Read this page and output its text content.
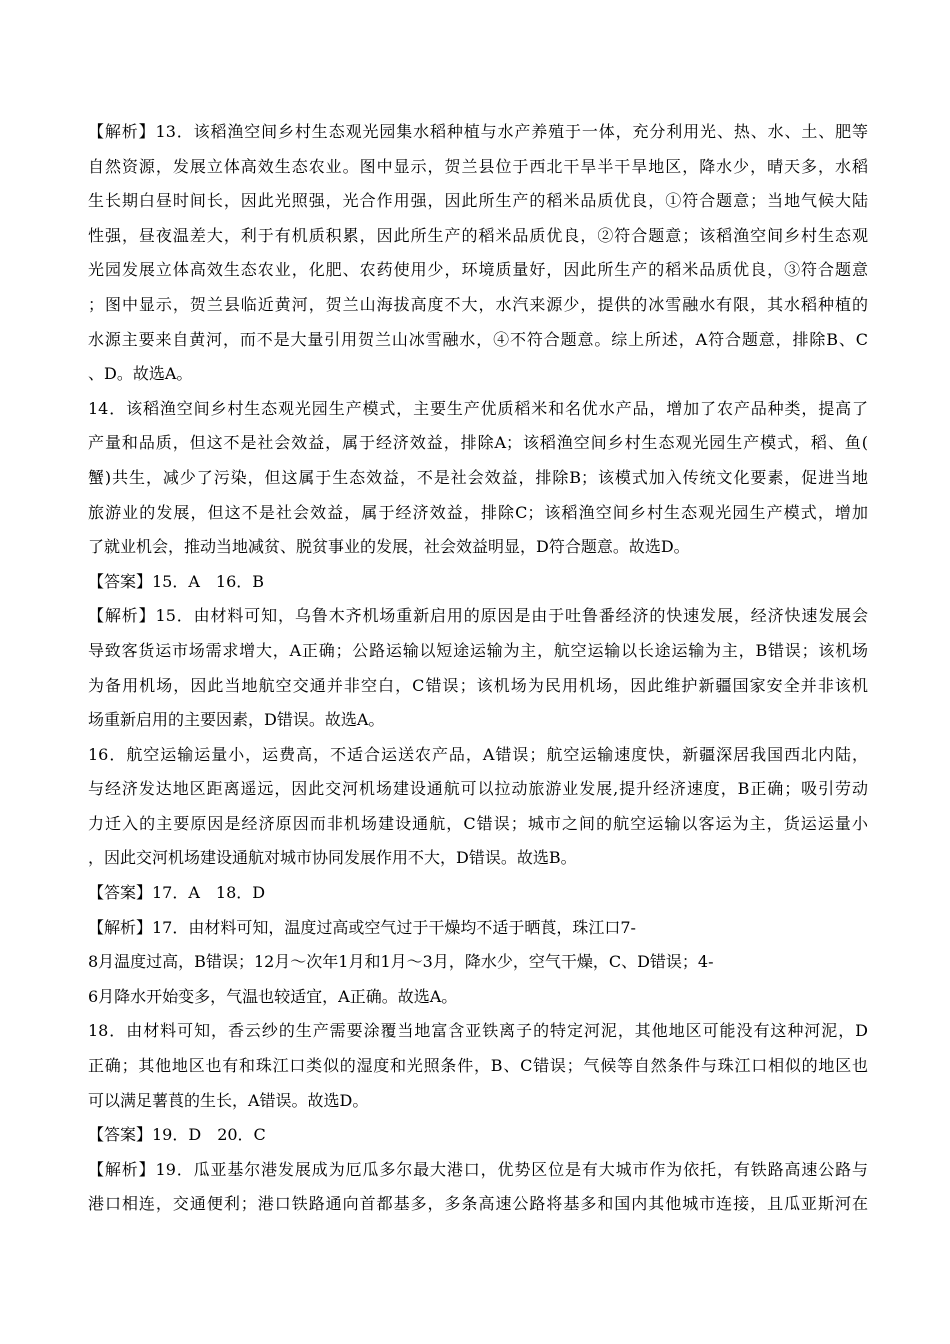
【解析】13．该稻渔空间乡村生态观光园集水稻种植与水产养殖于一体，充分利用光、热、水、土、肥等
自然资源，发展立体高效生态农业。图中显示，贺兰县位于西北干旱半干旱地区，降水少，晴天多，水稻
生长期白昼时间长，因此光照强，光合作用强，因此所生产的稻米品质优良，①符合题意；当地气候大陆
性强，昼夜温差大，利于有机质积累，因此所生产的稻米品质优良，②符合题意；该稻渔空间乡村生态观
光园发展立体高效生态农业，化肥、农药使用少，环境质量好，因此所生产的稻米品质优良，③符合题意
；图中显示，贺兰县临近黄河，贺兰山海拔高度不大，水汽来源少，提供的冰雪融水有限，其水稻种植的
水源主要来自黄河，而不是大量引用贺兰山冰雪融水，④不符合题意。综上所述，A符合题意，排除B、C
、D。故选A。
14．该稻渔空间乡村生态观光园生产模式，主要生产优质稻米和名优水产品，增加了农产品种类，提高了
产量和品质，但这不是社会效益，属于经济效益，排除A；该稻渔空间乡村生态观光园生产模式，稻、鱼(
蟹)共生，减少了污染，但这属于生态效益，不是社会效益，排除B；该模式加入传统文化要素，促进当地
旅游业的发展，但这不是社会效益，属于经济效益，排除C；该稻渔空间乡村生态观光园生产模式，增加
了就业机会，推动当地减贫、脱贫事业的发展，社会效益明显，D符合题意。故选D。
【答案】15．A　16．B
【解析】15．由材料可知，乌鲁木齐机场重新启用的原因是由于吐鲁番经济的快速发展，经济快速发展会
导致客货运市场需求增大，A正确；公路运输以短途运输为主，航空运输以长途运输为主，B错误；该机场
为备用机场，因此当地航空交通并非空白，C错误；该机场为民用机场，因此维护新疆国家安全并非该机
场重新启用的主要因素，D错误。故选A。
16．航空运输运量小，运费高，不适合运送农产品，A错误；航空运输速度快，新疆深居我国西北内陆，
与经济发达地区距离遥远，因此交河机场建设通航可以拉动旅游业发展,提升经济速度，B正确；吸引劳动
力迁入的主要原因是经济原因而非机场建设通航，C错误；城市之间的航空运输以客运为主，货运运量小
，因此交河机场建设通航对城市协同发展作用不大，D错误。故选B。
【答案】17．A　18．D
【解析】17．由材料可知，温度过高或空气过于干燥均不适于晒莨，珠江口7-
8月温度过高，B错误；12月～次年1月和1月～3月，降水少，空气干燥，C、D错误；4-
6月降水开始变多，气温也较适宜，A正确。故选A。
18．由材料可知，香云纱的生产需要涂覆当地富含亚铁离子的特定河泥，其他地区可能没有这种河泥，D
正确；其他地区也有和珠江口类似的湿度和光照条件，B、C错误；气候等自然条件与珠江口相似的地区也
可以满足薯莨的生长，A错误。故选D。
【答案】19．D　20．C
【解析】19．瓜亚基尔港发展成为厄瓜多尔最大港口，优势区位是有大城市作为依托，有铁路高速公路与
港口相连，交通便利；港口铁路通向首都基多，多条高速公路将基多和国内其他城市连接，且瓜亚斯河在
